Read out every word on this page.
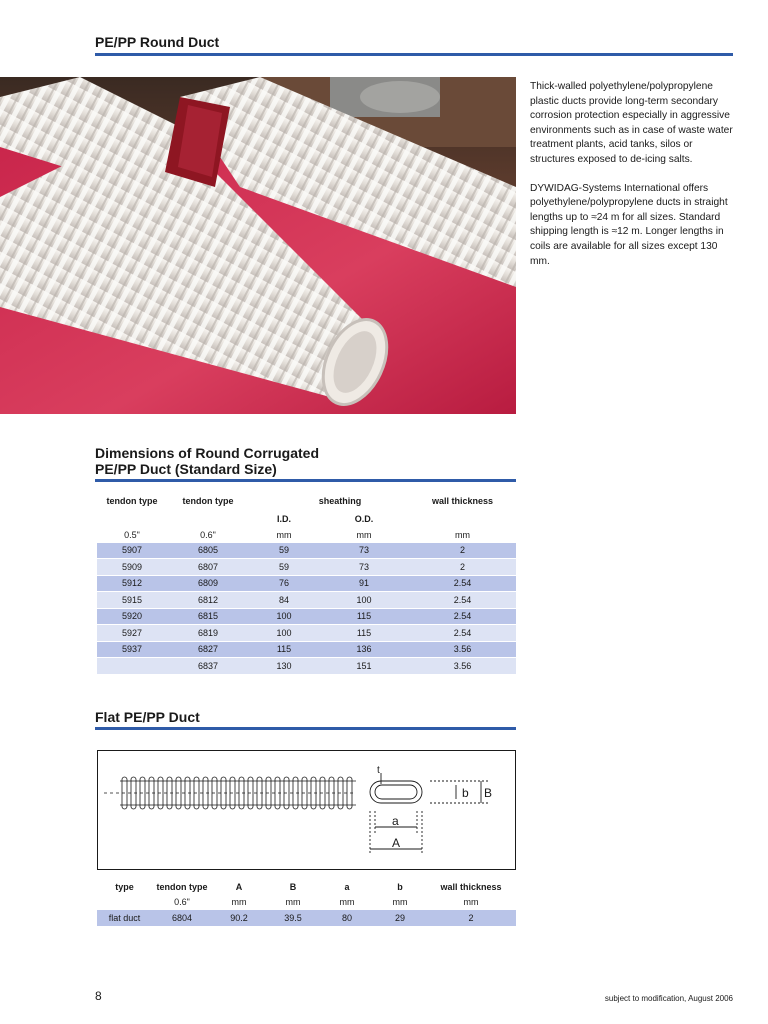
PE/PP Round Duct

Thick-walled polyethylene/polypropylene plastic ducts provide long-term secondary corrosion protection especially in aggressive environments such as in case of waste water treatment plants, acid tanks, silos or structures exposed to de-icing salts.

DYWIDAG-Systems International offers polyethylene/polypropylene ducts in straight lengths up to ≈24 m for all sizes. Standard shipping length is ≈12 m. Longer lengths in coils are available for all sizes except 130 mm.

Dimensions of Round Corrugated
PE/PP Duct (Standard Size)
tendon type	tendon type	sheathing		wall thickness
		I.D.	O.D.	
0.5"	0.6"	mm	mm	mm
5907	6805	59	73	2
5909	6807	59	73	2
5912	6809	76	91	2.54
5915	6812	84	100	2.54
5920	6815	100	115	2.54
5927	6819	100	115	2.54
5937	6827	115	136	3.56
	6837	130	151	3.56
Flat PE/PP Duct
t
a
A
b B
type	tendon type	A	B	a	b	wall thickness
	0.6"	mm	mm	mm	mm	mm
flat duct	6804	90.2	39.5	80	29	2
8	subject to modification, August 2006
